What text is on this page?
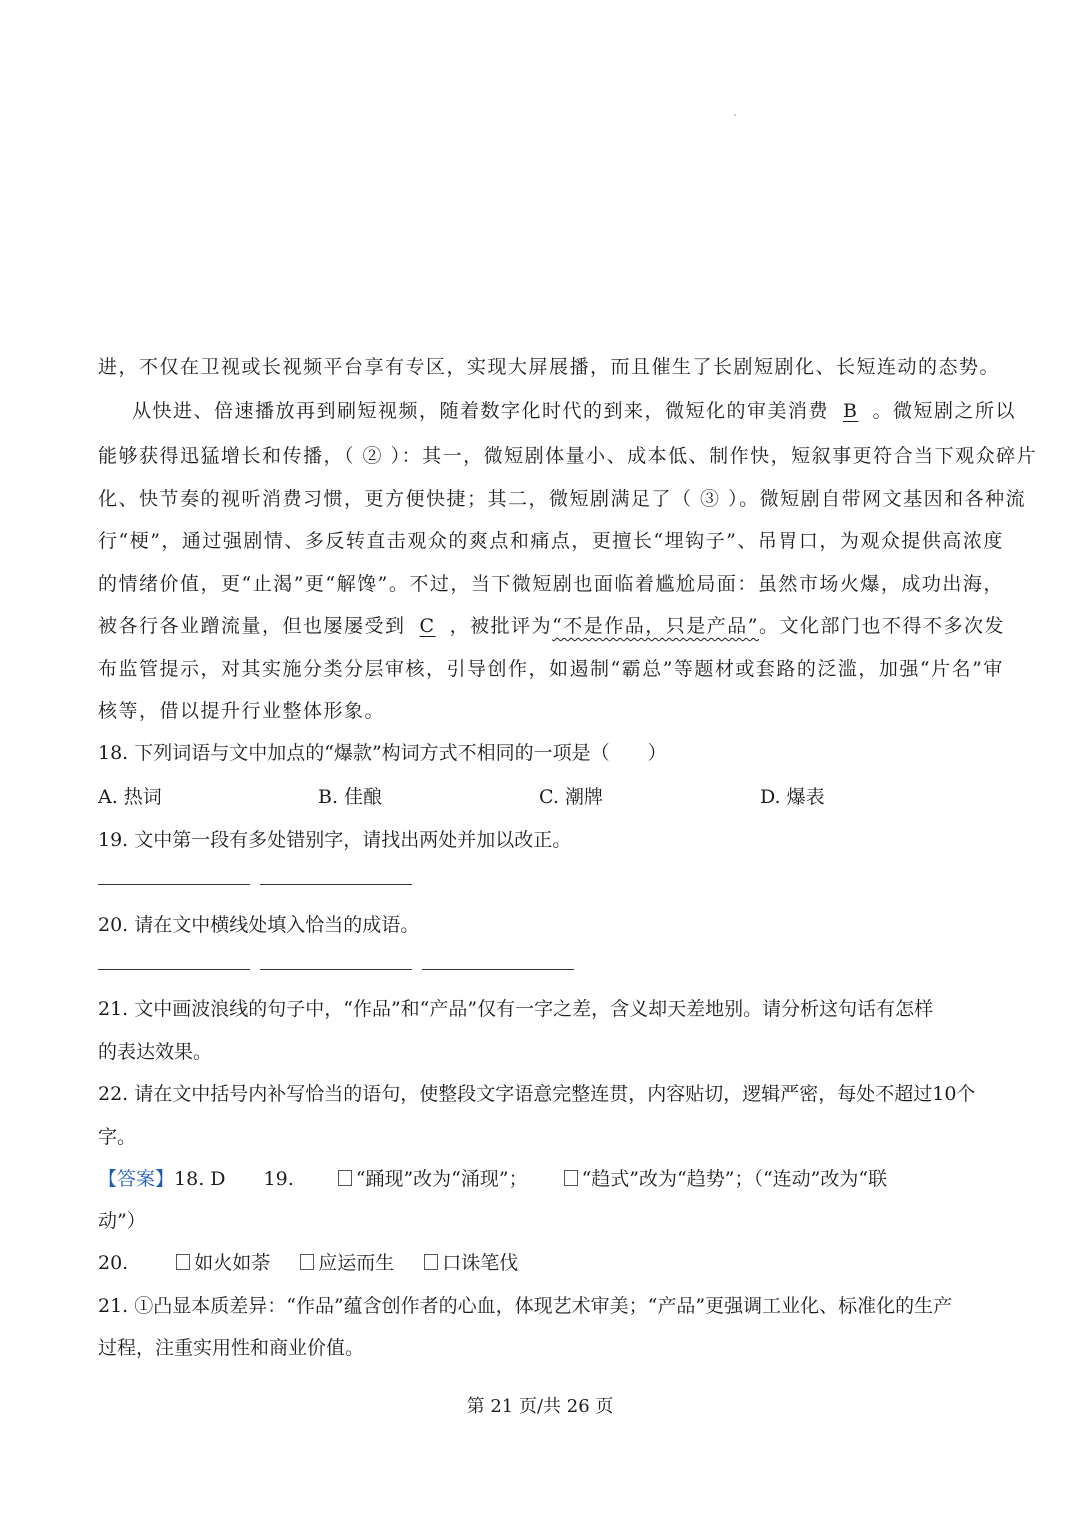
进，不仅在卫视或长视频平台享有专区，实现大屏展播，而且催生了长剧短剧化、长短连动的态势。
从快进、倍速播放再到刷短视频，随着数字化时代的到来，微短化的审美消费 B 。微短剧之所以
能够获得迅猛增长和传播，（ ② ）：其一，微短剧体量小、成本低、制作快，短叙事更符合当下观众碎片
化、快节奏的视听消费习惯，更方便快捷；其二，微短剧满足了（ ③ ）。微短剧自带网文基因和各种流
行“梗”，通过强剧情、多反转直击观众的爽点和痛点，更擅长“埋钩子”、吊胃口，为观众提供高浓度
的情绪价值，更“止渴”更“解馋”。不过，当下微短剧也面临着尴尬局面：虽然市场火爆，成功出海，
被各行各业蹭流量，但也屡屡受到 C ，被批评为“不是作品，只是产品”。文化部门也不得不多次发
布监管提示，对其实施分类分层审核，引导创作，如遏制“霸总”等题材或套路的泛滥，加强“片名”审
核等，借以提升行业整体形象。
18. 下列词语与文中加点的“爆款”构词方式不相同的一项是（　　）
A. 热词	B. 佳酿	C. 潮牌	D. 爆表
19. 文中第一段有多处错别字，请找出两处并加以改正。
20. 请在文中横线处填入恰当的成语。
21. 文中画波浪线的句子中，“作品”和“产品”仅有一字之差，含义却天差地别。请分析这句话有怎样
的表达效果。
22. 请在文中括号内补写恰当的语句，使整段文字语意完整连贯，内容贴切，逻辑严密，每处不超过10个
字。
【答案】18. D 19.	“踊现”改为“涌现”；	“趋式”改为“趋势”；（“连动”改为“联
动”）
20.	如火如荼	应运而生	口诛笔伐
21. ①凸显本质差异：“作品”蕴含创作者的心血，体现艺术审美；“产品”更强调工业化、标准化的生产
过程，注重实用性和商业价值。
第 21 页/共 26 页
